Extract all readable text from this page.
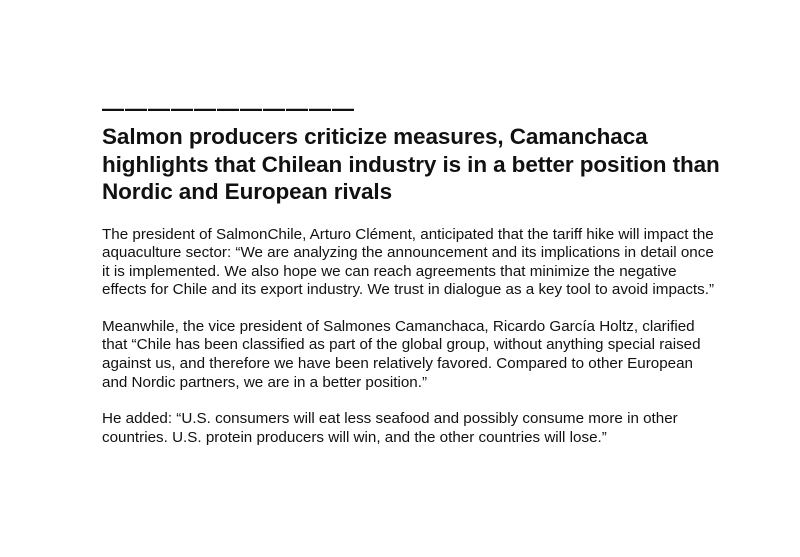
———————————
Salmon producers criticize measures, Camanchaca highlights that Chilean industry is in a better position than Nordic and European rivals

The president of SalmonChile, Arturo Clément, anticipated that the tariff hike will impact the aquaculture sector: “We are analyzing the announcement and its implications in detail once it is implemented. We also hope we can reach agreements that minimize the negative effects for Chile and its export industry. We trust in dialogue as a key tool to avoid impacts.”

Meanwhile, the vice president of Salmones Camanchaca, Ricardo García Holtz, clarified that “Chile has been classified as part of the global group, without anything special raised against us, and therefore we have been relatively favored. Compared to other European and Nordic partners, we are in a better position.”

He added: “U.S. consumers will eat less seafood and possibly consume more in other countries. U.S. protein producers will win, and the other countries will lose.”
